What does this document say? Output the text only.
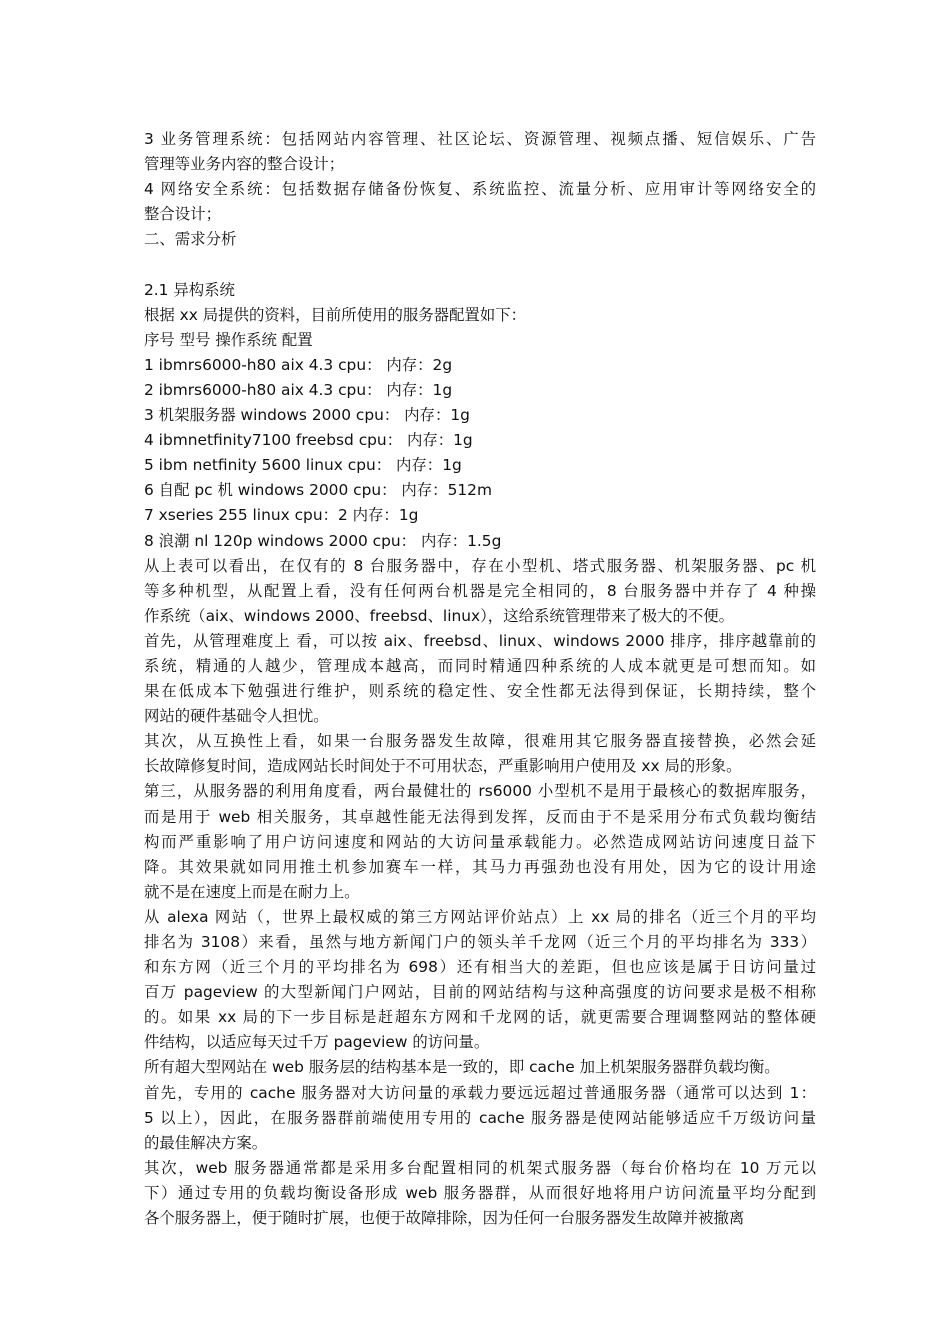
3 业务管理系统：包括网站内容管理、社区论坛、资源管理、视频点播、短信娱乐、广告
管理等业务内容的整合设计；
4 网络安全系统：包括数据存储备份恢复、系统监控、流量分析、应用审计等网络安全的
整合设计；
二、需求分析
2.1 异构系统
根据 xx 局提供的资料，目前所使用的服务器配置如下：
序号 型号 操作系统 配置
1 ibmrs6000-h80 aix 4.3 cpu： 内存：2g
2 ibmrs6000-h80 aix 4.3 cpu： 内存：1g
3 机架服务器 windows 2000 cpu： 内存：1g
4 ibmnetfinity7100 freebsd cpu： 内存：1g
5 ibm netfinity 5600 linux cpu： 内存：1g
6 自配 pc 机 windows 2000 cpu： 内存：512m
7 xseries 255 linux cpu：2 内存：1g
8 浪潮 nl 120p windows 2000 cpu： 内存：1.5g
从上表可以看出，在仅有的 8 台服务器中，存在小型机、塔式服务器、机架服务器、pc 机
等多种机型，从配置上看，没有任何两台机器是完全相同的，8 台服务器中并存了 4 种操
作系统（aix、windows 2000、freebsd、linux），这给系统管理带来了极大的不便。
首先，从管理难度上 看，可以按 aix、freebsd、linux、windows 2000 排序，排序越靠前的
系统，精通的人越少，管理成本越高，而同时精通四种系统的人成本就更是可想而知。如
果在低成本下勉强进行维护，则系统的稳定性、安全性都无法得到保证，长期持续，整个
网站的硬件基础令人担忧。
其次，从互换性上看，如果一台服务器发生故障，很难用其它服务器直接替换，必然会延
长故障修复时间，造成网站长时间处于不可用状态，严重影响用户使用及 xx 局的形象。
第三，从服务器的利用角度看，两台最健壮的 rs6000 小型机不是用于最核心的数据库服务，
而是用于 web 相关服务，其卓越性能无法得到发挥，反而由于不是采用分布式负载均衡结
构而严重影响了用户访问速度和网站的大访问量承载能力。必然造成网站访问速度日益下
降。其效果就如同用推土机参加赛车一样，其马力再强劲也没有用处，因为它的设计用途
就不是在速度上而是在耐力上。
从 alexa 网站（，世界上最权威的第三方网站评价站点）上 xx 局的排名（近三个月的平均
排名为 3108）来看，虽然与地方新闻门户的领头羊千龙网（近三个月的平均排名为 333）
和东方网（近三个月的平均排名为 698）还有相当大的差距，但也应该是属于日访问量过
百万 pageview 的大型新闻门户网站，目前的网站结构与这种高强度的访问要求是极不相称
的。如果 xx 局的下一步目标是赶超东方网和千龙网的话，就更需要合理调整网站的整体硬
件结构，以适应每天过千万 pageview 的访问量。
所有超大型网站在 web 服务层的结构基本是一致的，即 cache 加上机架服务器群负载均衡。
首先，专用的 cache 服务器对大访问量的承载力要远远超过普通服务器（通常可以达到 1：
5 以上），因此，在服务器群前端使用专用的 cache 服务器是使网站能够适应千万级访问量
的最佳解决方案。
其次，web 服务器通常都是采用多台配置相同的机架式服务器（每台价格均在 10 万元以
下）通过专用的负载均衡设备形成 web 服务器群，从而很好地将用户访问流量平均分配到
各个服务器上，便于随时扩展，也便于故障排除，因为任何一台服务器发生故障并被撤离
